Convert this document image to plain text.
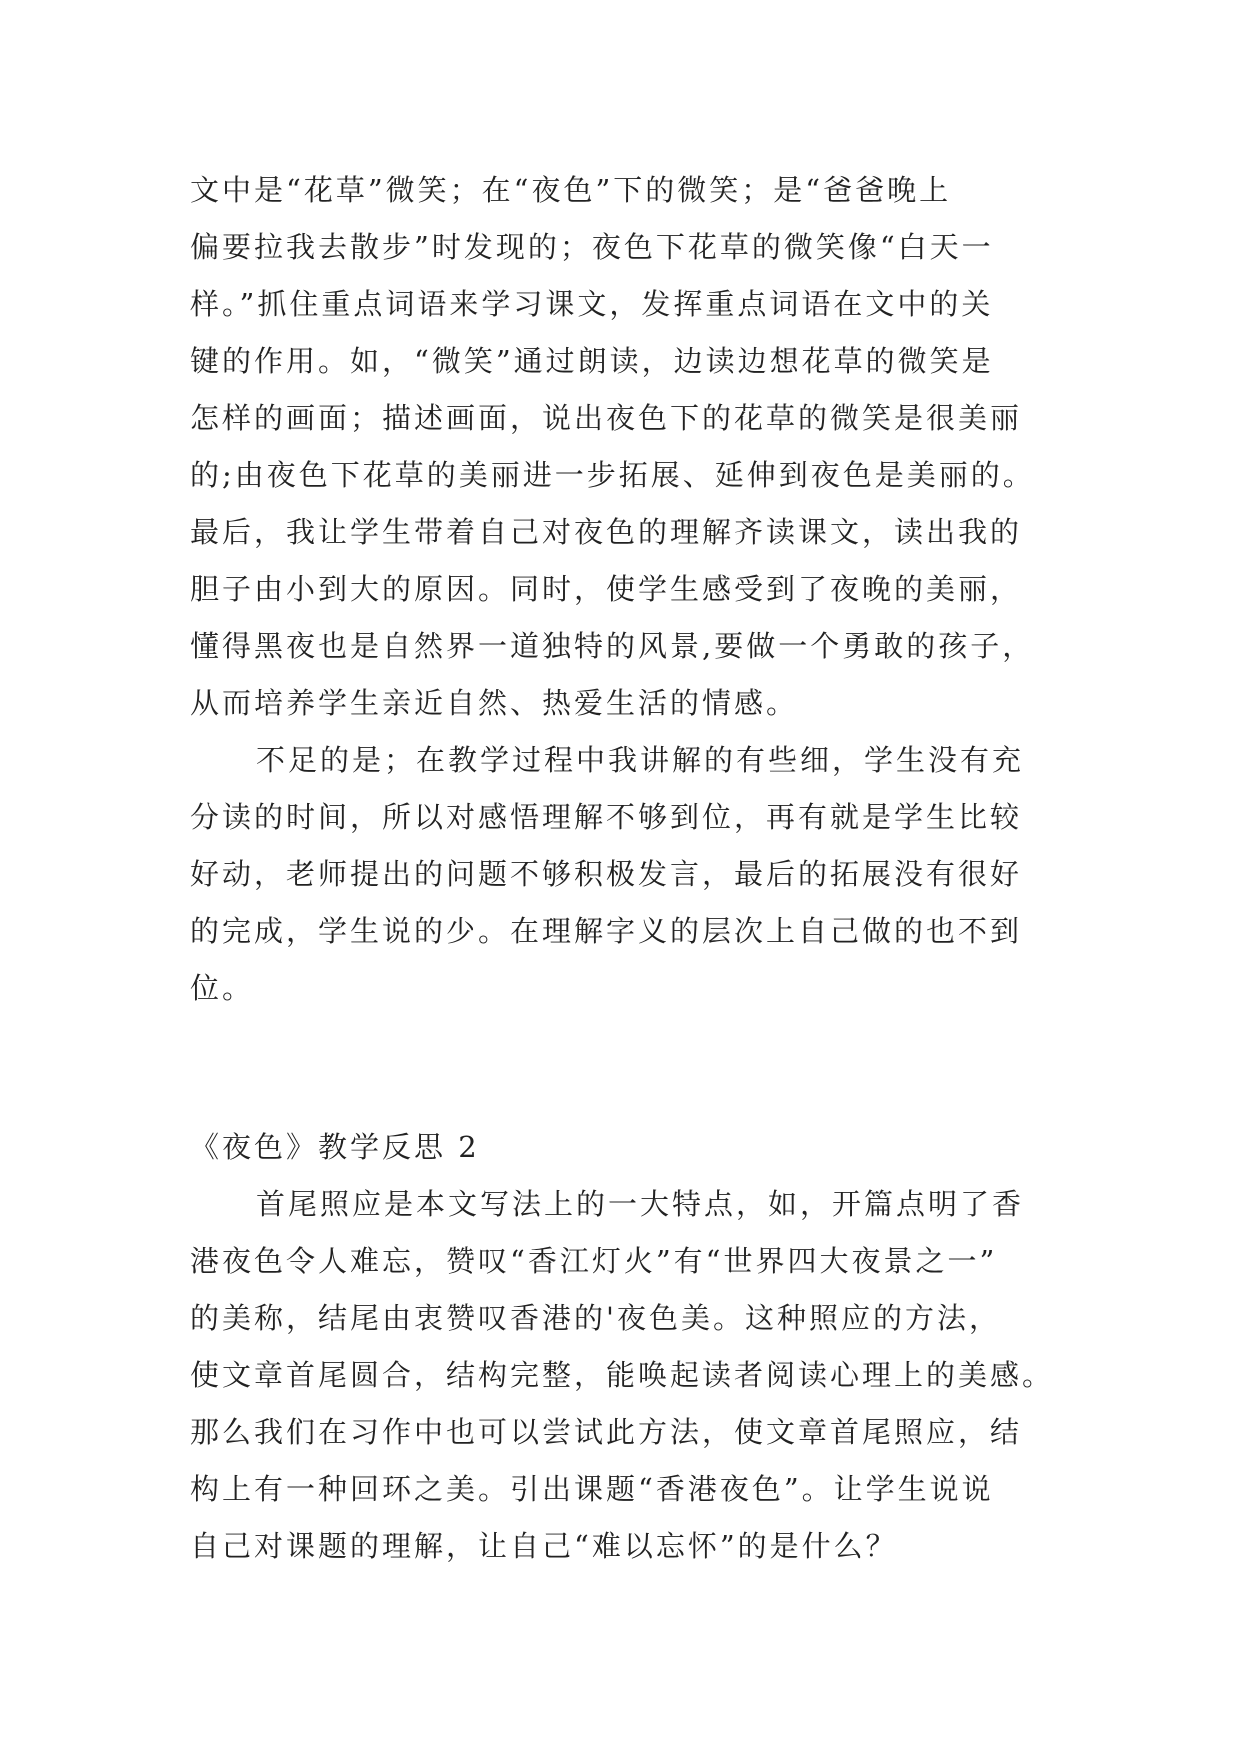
文中是“花草”微笑；在“夜色”下的微笑；是“爸爸晚上
偏要拉我去散步”时发现的；夜色下花草的微笑像“白天一
样。”抓住重点词语来学习课文，发挥重点词语在文中的关
键的作用。如，“微笑”通过朗读，边读边想花草的微笑是
怎样的画面；描述画面，说出夜色下的花草的微笑是很美丽
的;由夜色下花草的美丽进一步拓展、延伸到夜色是美丽的。
最后，我让学生带着自己对夜色的理解齐读课文，读出我的
胆子由小到大的原因。同时，使学生感受到了夜晚的美丽，
懂得黑夜也是自然界一道独特的风景,要做一个勇敢的孩子，
从而培养学生亲近自然、热爱生活的情感。
不足的是；在教学过程中我讲解的有些细，学生没有充
分读的时间，所以对感悟理解不够到位，再有就是学生比较
好动，老师提出的问题不够积极发言，最后的拓展没有很好
的完成，学生说的少。在理解字义的层次上自己做的也不到
位。
《夜色》教学反思 2
首尾照应是本文写法上的一大特点，如，开篇点明了香
港夜色令人难忘，赞叹“香江灯火”有“世界四大夜景之一”
的美称，结尾由衷赞叹香港的'夜色美。这种照应的方法，
使文章首尾圆合，结构完整，能唤起读者阅读心理上的美感。
那么我们在习作中也可以尝试此方法，使文章首尾照应，结
构上有一种回环之美。引出课题“香港夜色”。让学生说说
自己对课题的理解，让自己“难以忘怀”的是什么？
